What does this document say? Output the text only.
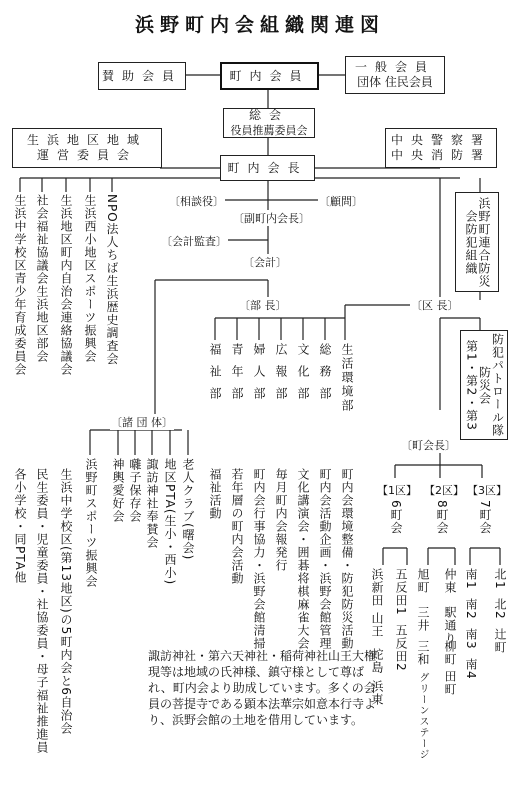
浜野町内会組織関連図
賛助会員	町内会員
一般会員
団体 住民会員
総会
役員推薦委員会
生浜地区地域
運営委員会
中央警察署
中央消防署
町内会長
浜野町連合防災会防犯組織
第1・第2・第3 防災会 防犯パトロール隊
〔相談役〕	〔顧問〕
〔副町内会長〕
〔会計監査〕
〔会計〕
〔部 長〕	〔区 長〕
〔町会長〕
〔諸 団 体〕
生浜中学校区青少年育成委員会 社会福祉協議会生浜地区部会 生浜地区町内自治会連絡協議会 生浜西小地区スポーツ振興会 NPO法人ちば生浜歴史調査会
各小学校・同PTA他 民生委員・児童委員・社協委員・母子福祉推進員 生浜中学校区(第13地区)の5町内会と6自治会 浜野町スポーツ振興会 神輿愛好会 囃子保存会 諏訪神社奉賛会 地区PTA(生小・西小) 老人クラブ(曙会)
福祉部 青年部 婦人部 広報部 文化部 総務部 生活環境部
福祉活動 若年層の町内会活動 町内会行事協力・浜野会館清掃 毎月町内会報発行 文化講演会・囲碁将棋麻雀大会 町内会活動企画・浜野会館管理 町内会環境整備・防犯防災活動 【1区】 【2区】 【3区】
6町会	8町会 7町会
浜新田
山王
蛇島
浜東
五反田1
五反田2
旭町
三井
三和
グリーンステージ
仲東
駅通り
柳町
田町
南1
南2
南3
南4
北1
北2
辻町
諏訪神社・第六天神社・稲荷神社山王大権現等は地域の氏神様、鎮守様として尊ばれ、町内会より助成しています。多くの会員の菩提寺である顕本法華宗如意本行寺より、浜野会館の土地を借用しています。
